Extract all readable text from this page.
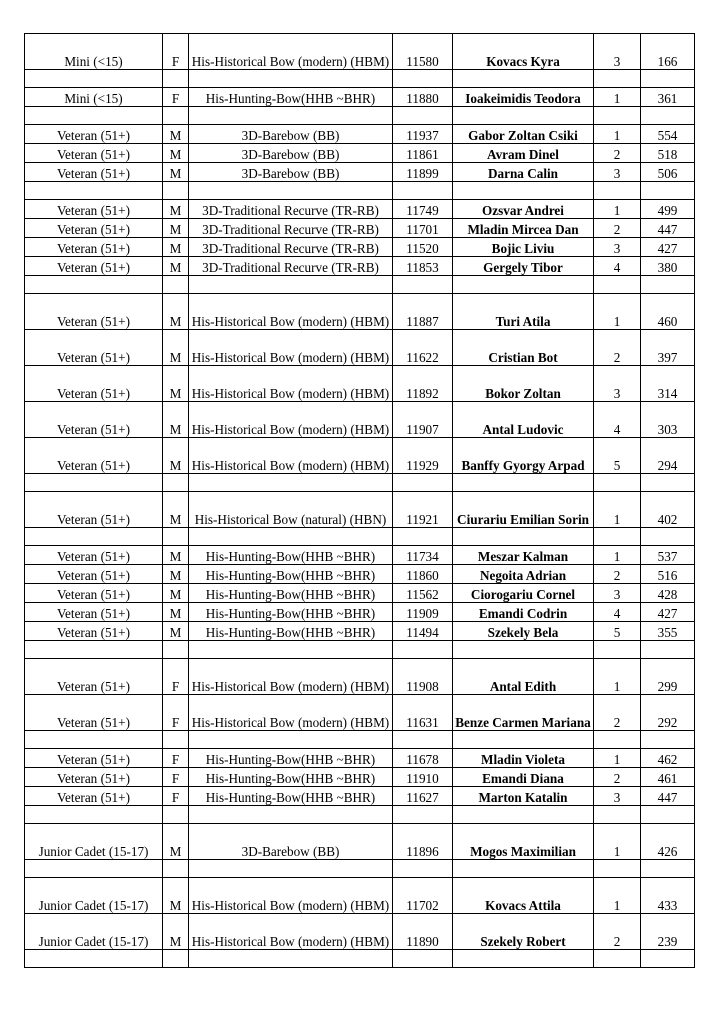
Mini (<15)	F	His-Historical Bow (modern) (HBM)	11580	Kovacs Kyra	3	166

Mini (<15)	F	His-Hunting-Bow(HHB ~BHR)	11880	Ioakeimidis Teodora	1	361

Veteran (51+)	M	3D-Barebow (BB)	11937	Gabor Zoltan Csiki	1	554
Veteran (51+)	M	3D-Barebow (BB)	11861	Avram Dinel	2	518
Veteran (51+)	M	3D-Barebow (BB)	11899	Darna Calin	3	506

Veteran (51+)	M	3D-Traditional Recurve (TR-RB)	11749	Ozsvar Andrei	1	499
Veteran (51+)	M	3D-Traditional Recurve (TR-RB)	11701	Mladin Mircea Dan	2	447
Veteran (51+)	M	3D-Traditional Recurve (TR-RB)	11520	Bojic Liviu	3	427
Veteran (51+)	M	3D-Traditional Recurve (TR-RB)	11853	Gergely Tibor	4	380

Veteran (51+)	M	His-Historical Bow (modern) (HBM)	11887	Turi Atila	1	460
Veteran (51+)	M	His-Historical Bow (modern) (HBM)	11622	Cristian Bot	2	397
Veteran (51+)	M	His-Historical Bow (modern) (HBM)	11892	Bokor Zoltan	3	314
Veteran (51+)	M	His-Historical Bow (modern) (HBM)	11907	Antal Ludovic	4	303
Veteran (51+)	M	His-Historical Bow (modern) (HBM)	11929	Banffy Gyorgy Arpad	5	294

Veteran (51+)	M	His-Historical Bow (natural) (HBN)	11921	Ciurariu Emilian Sorin	1	402

Veteran (51+)	M	His-Hunting-Bow(HHB ~BHR)	11734	Meszar Kalman	1	537
Veteran (51+)	M	His-Hunting-Bow(HHB ~BHR)	11860	Negoita Adrian	2	516
Veteran (51+)	M	His-Hunting-Bow(HHB ~BHR)	11562	Ciorogariu Cornel	3	428
Veteran (51+)	M	His-Hunting-Bow(HHB ~BHR)	11909	Emandi Codrin	4	427
Veteran (51+)	M	His-Hunting-Bow(HHB ~BHR)	11494	Szekely Bela	5	355

Veteran (51+)	F	His-Historical Bow (modern) (HBM)	11908	Antal Edith	1	299
Veteran (51+)	F	His-Historical Bow (modern) (HBM)	11631	Benze Carmen Mariana	2	292

Veteran (51+)	F	His-Hunting-Bow(HHB ~BHR)	11678	Mladin Violeta	1	462
Veteran (51+)	F	His-Hunting-Bow(HHB ~BHR)	11910	Emandi Diana	2	461
Veteran (51+)	F	His-Hunting-Bow(HHB ~BHR)	11627	Marton Katalin	3	447

Junior Cadet (15-17)	M	3D-Barebow (BB)	11896	Mogos Maximilian	1	426

Junior Cadet (15-17)	M	His-Historical Bow (modern) (HBM)	11702	Kovacs Attila	1	433
Junior Cadet (15-17)	M	His-Historical Bow (modern) (HBM)	11890	Szekely Robert	2	239
